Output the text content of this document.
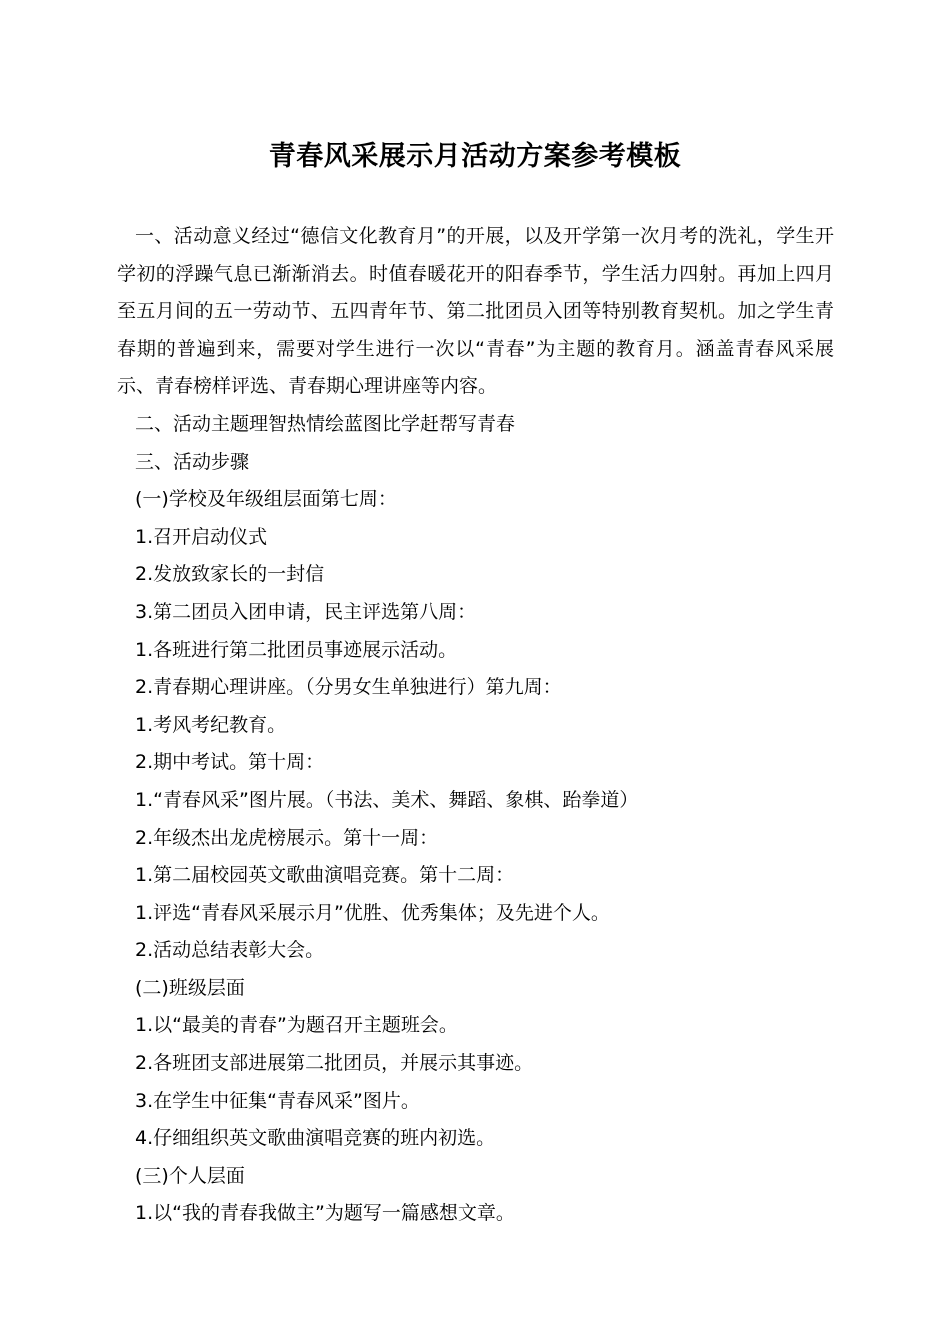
青春风采展示月活动方案参考模板

一、活动意义经过“德信文化教育月”的开展，以及开学第一次月考的洗礼，学生开学初的浮躁气息已渐渐消去。时值春暖花开的阳春季节，学生活力四射。再加上四月至五月间的五一劳动节、五四青年节、第二批团员入团等特别教育契机。加之学生青春期的普遍到来，需要对学生进行一次以“青春”为主题的教育月。涵盖青春风采展示、青春榜样评选、青春期心理讲座等内容。

二、活动主题理智热情绘蓝图比学赶帮写青春

三、活动步骤

(一)学校及年级组层面第七周：

1.召开启动仪式

2.发放致家长的一封信

3.第二团员入团申请，民主评选第八周：

1.各班进行第二批团员事迹展示活动。

2.青春期心理讲座。（分男女生单独进行）第九周：

1.考风考纪教育。

2.期中考试。第十周：

1.“青春风采”图片展。（书法、美术、舞蹈、象棋、跆拳道）

2.年级杰出龙虎榜展示。第十一周：

1.第二届校园英文歌曲演唱竞赛。第十二周：

1.评选“青春风采展示月”优胜、优秀集体；及先进个人。

2.活动总结表彰大会。

(二)班级层面

1.以“最美的青春”为题召开主题班会。

2.各班团支部进展第二批团员，并展示其事迹。

3.在学生中征集“青春风采”图片。

4.仔细组织英文歌曲演唱竞赛的班内初选。

(三)个人层面

1.以“我的青春我做主”为题写一篇感想文章。
